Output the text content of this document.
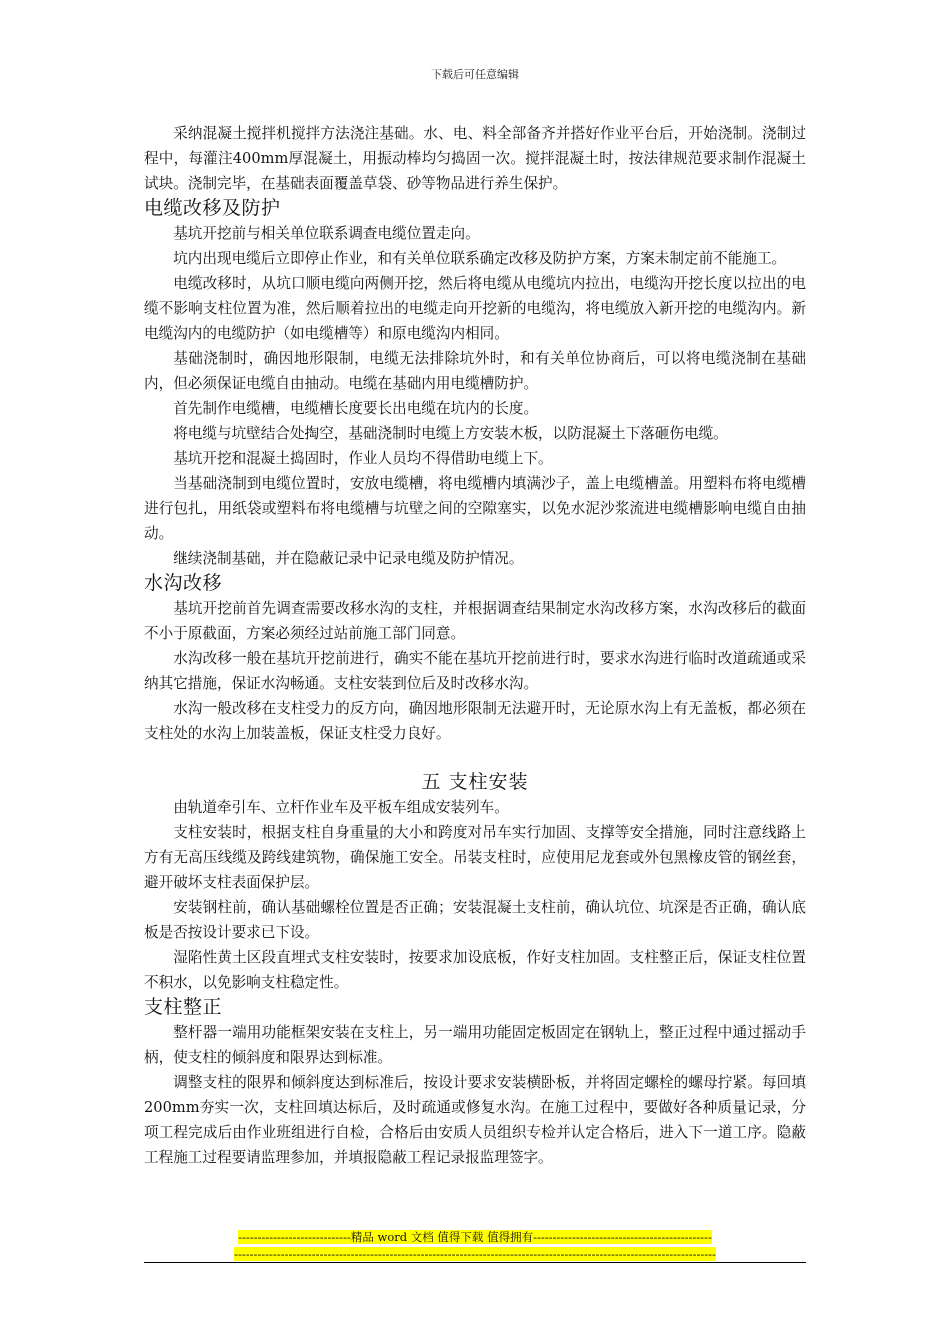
下载后可任意编辑

采纳混凝土搅拌机搅拌方法浇注基础。水、电、料全部备齐并搭好作业平台后，开始浇制。浇制过程中，每灌注400mm厚混凝土，用振动棒均匀捣固一次。搅拌混凝土时，按法律规范要求制作混凝土试块。浇制完毕，在基础表面覆盖草袋、砂等物品进行养生保护。

电缆改移及防护

基坑开挖前与相关单位联系调查电缆位置走向。

坑内出现电缆后立即停止作业，和有关单位联系确定改移及防护方案，方案未制定前不能施工。

电缆改移时，从坑口顺电缆向两侧开挖，然后将电缆从电缆坑内拉出，电缆沟开挖长度以拉出的电缆不影响支柱位置为准，然后顺着拉出的电缆走向开挖新的电缆沟，将电缆放入新开挖的电缆沟内。新电缆沟内的电缆防护（如电缆槽等）和原电缆沟内相同。

基础浇制时，确因地形限制，电缆无法排除坑外时，和有关单位协商后，可以将电缆浇制在基础内，但必须保证电缆自由抽动。电缆在基础内用电缆槽防护。

首先制作电缆槽，电缆槽长度要长出电缆在坑内的长度。

将电缆与坑壁结合处掏空，基础浇制时电缆上方安装木板，以防混凝土下落砸伤电缆。

基坑开挖和混凝土捣固时，作业人员均不得借助电缆上下。

当基础浇制到电缆位置时，安放电缆槽，将电缆槽内填满沙子，盖上电缆槽盖。用塑料布将电缆槽进行包扎，用纸袋或塑料布将电缆槽与坑壁之间的空隙塞实，以免水泥沙浆流进电缆槽影响电缆自由抽动。

继续浇制基础，并在隐蔽记录中记录电缆及防护情况。

水沟改移

基坑开挖前首先调查需要改移水沟的支柱，并根据调查结果制定水沟改移方案，水沟改移后的截面不小于原截面，方案必须经过站前施工部门同意。

水沟改移一般在基坑开挖前进行，确实不能在基坑开挖前进行时，要求水沟进行临时改道疏通或采纳其它措施，保证水沟畅通。支柱安装到位后及时改移水沟。

水沟一般改移在支柱受力的反方向，确因地形限制无法避开时，无论原水沟上有无盖板，都必须在支柱处的水沟上加装盖板，保证支柱受力良好。

五 支柱安装

由轨道牵引车、立杆作业车及平板车组成安装列车。

支柱安装时，根据支柱自身重量的大小和跨度对吊车实行加固、支撑等安全措施，同时注意线路上方有无高压线缆及跨线建筑物，确保施工安全。吊装支柱时，应使用尼龙套或外包黑橡皮管的钢丝套，避开破坏支柱表面保护层。

安装钢柱前，确认基础螺栓位置是否正确；安装混凝土支柱前，确认坑位、坑深是否正确，确认底板是否按设计要求已下设。

湿陷性黄土区段直埋式支柱安装时，按要求加设底板，作好支柱加固。支柱整正后，保证支柱位置不积水，以免影响支柱稳定性。

支柱整正

整杆器一端用功能框架安装在支柱上，另一端用功能固定板固定在钢轨上，整正过程中通过摇动手柄，使支柱的倾斜度和限界达到标准。

调整支柱的限界和倾斜度达到标准后，按设计要求安装横卧板，并将固定螺栓的螺母拧紧。每回填200mm夯实一次，支柱回填达标后，及时疏通或修复水沟。在施工过程中，要做好各种质量记录，分项工程完成后由作业班组进行自检，合格后由安质人员组织专检并认定合格后，进入下一道工序。隐蔽工程施工过程要请监理参加，并填报隐蔽工程记录报监理签字。

-----------------------------精品 word 文档 值得下载 值得拥有----------------------------------------------
----------------------------------------------------------------------------------------------------------------------------
